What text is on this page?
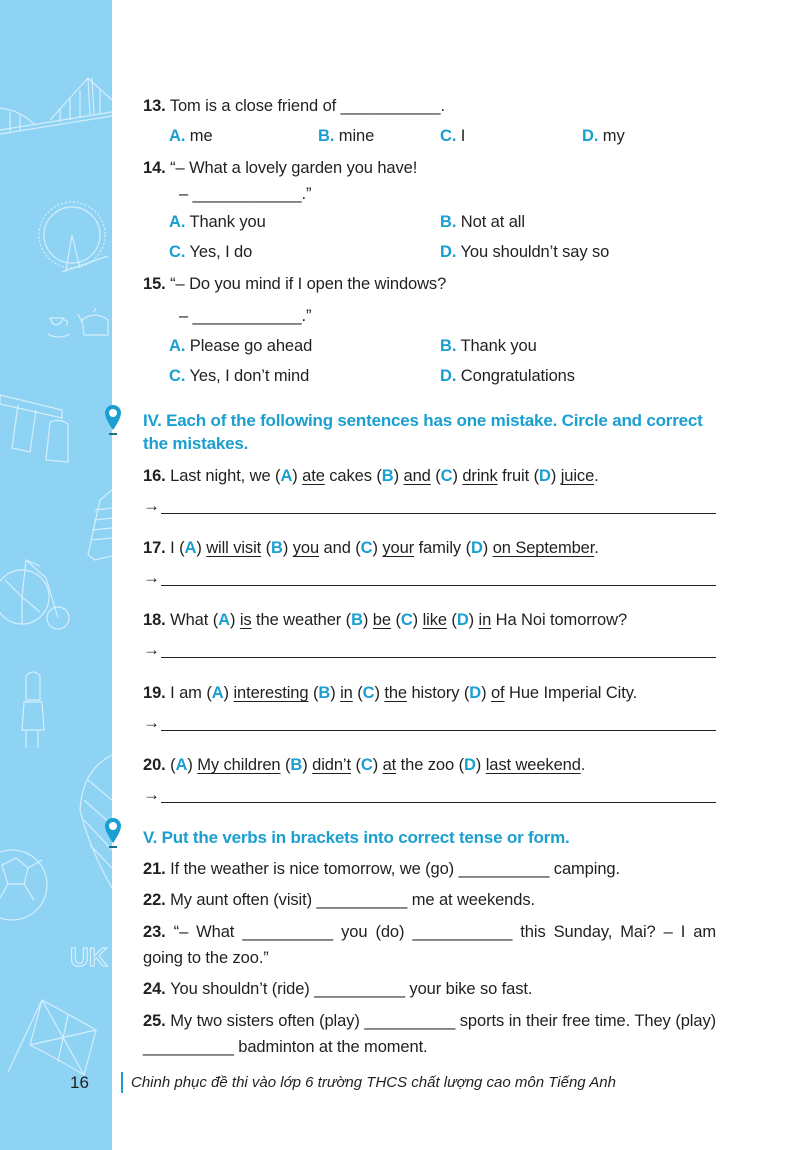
UK
13. Tom is a close friend of ___________.
A. me	B. mine	C. I	D. my
14. “– What a lovely garden you have!
– ____________.”
A. Thank you	B. Not at all
C. Yes, I do	D. You shouldn’t say so
15. “– Do you mind if I open the windows?
– ____________.”
A. Please go ahead	B. Thank you
C. Yes, I don’t mind	D. Congratulations
IV. Each of the following sentences has one mistake. Circle and correct the mistakes.
16. Last night, we (A) ate cakes (B) and (C) drink fruit (D) juice.
→
17. I (A) will visit (B) you and (C) your family (D) on September.
→
18. What (A) is the weather (B) be (C) like (D) in Ha Noi tomorrow?
→
19. I am (A) interesting (B) in (C) the history (D) of Hue Imperial City.
→
20. (A) My children (B) didn’t (C) at the zoo (D) last weekend.
→
V. Put the verbs in brackets into correct tense or form.
21. If the weather is nice tomorrow, we (go) __________ camping.
22. My aunt often (visit) __________ me at weekends.
23. “– What __________ you (do) ___________ this Sunday, Mai? – I am going to the zoo.”
24. You shouldn’t (ride) __________ your bike so fast.
25. My two sisters often (play) __________ sports in their free time. They (play) __________ badminton at the moment.
16	Chinh phục đề thi vào lớp 6 trường THCS chất lượng cao môn Tiếng Anh
